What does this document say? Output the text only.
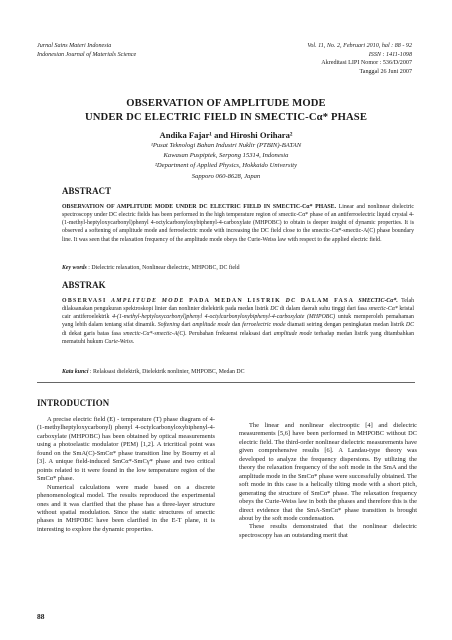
Jurnal Sains Materi Indonesia
Indonesian Journal of Materials Science
Vol. 11, No. 2, Februari 2010, hal : 88 - 92
ISSN : 1411-1098
Akreditasi LIPI Nomor : 536/D/2007
Tanggal 26 Juni 2007
OBSERVATION OF AMPLITUDE MODE
UNDER DC ELECTRIC FIELD IN SMECTIC-Cα* PHASE
Andika Fajar¹ and Hiroshi Orihara²
¹Pusat Teknologi Bahan Industri Nuklir (PTBIN)-BATAN
Kawasan Puspiptek, Serpong 15314, Indonesia
²Department of Applied Physics, Hokkaido University
Sapporo 060-8628, Japan
ABSTRACT
OBSERVATION OF AMPLITUDE MODE UNDER DC ELECTRIC FIELD IN SMECTIC-Cα* PHASE. Linear and nonlinear dielectric spectroscopy under DC electric fields has been performed in the high temperature region of smectic-Cα* phase of an antiferroelectric liquid crystal 4-(1-methyl-heptyloxycarbonyl)phenyl 4-octylcarbonyloxybiphenyl-4-carboxylate (MHPOBC) to obtain is deeper insight of dynamic properties. It is observed a softening of amplitude mode and ferroelectric mode with increasing the DC field close to the smectic-Cα*-smectic-A(C) phase boundary line. It was seen that the relaxation frequency of the amplitude mode obeys the Curie-Weiss law with respect to the applied electric field.
Key words : Dielectric relaxation, Nonlinear dielectric, MHPOBC, DC field
ABSTRAK
OBSERVASI AMPLITUDE MODE PADA MEDAN LISTRIK DC DALAM FASA SMECTIC-Cα*. Telah dilaksanakan pengukuran spektroskopi linier dan nonlinier dielektrik pada medan listrik DC di dalam daerah suhu tinggi dari fasa smectic-Cα* kristal cair antiferoelektrik 4-(1-methyl-heptyloxycarbonyl)phenyl 4-octylcarbonyloxybiphenyl-4-carboxylate (MHPOBC) untuk memperoleh pemahaman yang lebih dalam tentang sifat dinamik. Softening dari amplitude mode dan ferroelectric mode diamati seiring dengan peningkatan medan listrik DC di dekat garis batas fasa smectic-Cα*-smectic-A(C). Perubahan frekuensi relaksasi dari amplitude mode terhadap medan listrik yang ditambahkan mematuhi hukum Curie-Weiss.
Kata kunci : Relaksasi dielektrik, Dielektrik nonlinier, MHPOBC, Medan DC
INTRODUCTION

A precise electric field (E) - temperature (T) phase diagram of 4-(1-methylheptyloxycarbonyl) phenyl 4-octylcarbonyloxybiphenyl-4-carboxylate (MHPOBC) has been obtained by optical measurements using a photoelastic modulator (PEM) [1,2]. A tricritical point was found on the SmA(C)-SmCα* phase transition line by Bourny et al [3]. A unique field-induced SmCα*-SmCγ* phase and two critical points related to it were found in the low temperature region of the SmCα* phase.

Numerical calculations were made based on a discrete phenomenological model. The results reproduced the experimental ones and it was clarified that the phase has a three-layer structure without spatial modulation. Since the static structures of smectic phases in MHPOBC have been clarified in the E-T plane, it is interesting to explore the dynamic properties.

The linear and nonlinear electrooptic [4] and dielectric measurements [5,6] have been performed in MHPOBC without DC electric field. The third-order nonlinear dielectric measurements have given comprehensive results [6]. A Landau-type theory was developed to analyze the frequency dispersions. By utilizing the theory the relaxation frequency of the soft mode in the SmA and the amplitude mode in the SmCα* phase were successfully obtained. The soft mode in this case is a helically tilting mode with a short pitch, generating the structure of SmCα* phase. The relaxation frequency obeys the Curie-Weiss law in both the phases and therefore this is the direct evidence that the SmA-SmCα* phase transition is brought about by the soft mode condensation.

These results demonstrated that the nonlinear dielectric spectroscopy has an outstanding merit that

88
